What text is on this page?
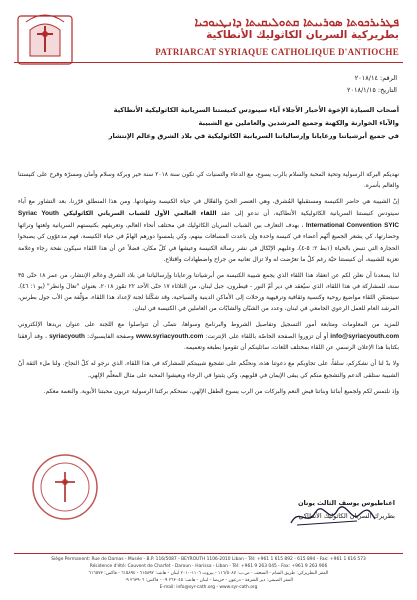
ܦܛܪܝܪܟܘܬܐ ܣܘܪܝܝܬܐ ܩܬܘܠܝܩܝܬܐ ܕܐܢܛܝܘܟܝܐ
بطريركية السريان الكاثوليك الأنطاكية
PATRIARCAT SYRIAQUE CATHOLIQUE D'ANTIOCHE
الرقم: ٢٠١٨/١٤
التاريخ: ٢٠١٨/١/١٥
أصحاب السيادة الإخوة الأحبار الأجلاء آباء سينودس كنيستنا السريانية الكاثوليكية الأنطاكية
والآباء الخوارنة والكهنة وجميع المرشدين والعاملين مع الشبيبة
في جميع أبرشياتنا ورعايانا وإرسالياتنا السريانية الكاثوليكية في بلاد الشرق وعالم الإنتشار

نهديكم البركة الرسولية وتحية المحبة والسلام بالرب يسوع، مع الدعاء والتمنيات كي تكون سنة ٢٠١٨ سنة خير وبركة وسلام وأمان ومسرّة وفرح على كنيستنا والعالم بأسره.

إنّ الشبيبة هي حاضر الكنيسة ومستقبلها المُشرق، وهي العنصر الحيّ والفعّال في حياة الكنيسة وشهادتها. ومن هذا المنطلق قرّرنا، بعد التشاور مع آباء سينودس كنيستنا السريانية الكاثوليكية الأنطاكية، أن ندعو إلى عقد اللقاء العالمي الأول للشباب السرياني الكاثوليكي Syriac Youth International Convention SYIC ، بهدف التعارف بين الشباب السريان الكاثوليك في مختلف أنحاء العالم، وتعريفهم بكنيستهم السريانية ولغتها وتراثها وحضارتها، كي يشعر الجميع أنّهم أعضاء في كنيسة واحدة وإن باعدت المسافات بينهم، وكي يلمسوا دورهم الهامّ في حياة الكنيسة، فهم مدعوّون كي يصبحوا الحجارة التي تنبض بالحياة (١بط ٢: ٥-٤)، وعليهم الإتّكال في نشر رسالة الكنيسة وعيشها في كلّ مكان، فضلاً عن أن هذا اللقاء سيكون نفحة رجاء وعلامة تعزية للشبيبة، أن كنيستنا حيّة رغم كلّ ما تعرّضت له ولا تزال تعانيه من جراح واضطهادات واقتلاع.

لذا يسعدنا أن نعلن لكم عن انعقاد هذا اللقاء الذي يجمع شبيبة الكنيسة من أبرشياتنا ورعايانا وإرسالياتنا في بلاد الشرق وعالم الإنتشار، من عمر ١٨ حتّى ٣٥ سنة، للمشاركة في هذا اللقاء، الذي سيُعقد في دير أمّ النور - فيطرون، جبل لبنان، من الثلاثاء ١٧ حتّى الأحد ٢٢ تمّوز ٢٠١٨، بعنوان "تعالَ وانظر" (يو ١: ٤٦). سيتضمّن اللقاء مواضيع روحية وكنسية وثقافية وترفيهية ورحلات إلى الأماكن الدينية والسياحية، وقد شكّلنا لجنة لإعداد هذا اللقاء، مؤلّفة من الأب جول بطرس، المرشد العام للعمل الرعوي الجامعي في لبنان، وعدد من الشبّان والشابّات من العاملين في الكنيسة في لبنان.

للمزيد من المعلومات ومتابعة أمور التسجيل وتفاصيل الشروط والبرنامج وسواها، نتمنّى أن تتواصلوا مع اللجنة على عنوان بريدها الإلكتروني info@syriacyouth.com أو أن تزوروا الصفحة الخاصّة باللقاء على الإنترنت: www.syriacyouth.com وصفحة الفايسبوك: syriacyouth ، وقد أرفقنا بكتابنا هذا الإعلان الرسمي عن اللقاء بمختلف اللغات، سائلينكم أن تقوموا بطبعه وتعميمه.

ولا بدّ لنا أن نشكركم، سلفاً، على تجاوبكم مع دعوتنا هذه، ونحثّكم على تشجيع شبيبتكم للمشاركة في هذا اللقاء، الذي نرجو له كلّ النجاح. ولنا ملء الثقة أنّ الشبيبة ستلقى الدعم والتشجيع منكم كي يبقى الإيمان في قلوبهم، وكي يثبتوا في الرجاء ويعيشوا المحبة على مثال المعلّم الإلهي.

وإذ نلتمس لكم ولجميع أبنائنا وبناتنا فيض النعم والبركات من الرب يسوع الطفل الإلهي، نمنحكم بركتنا الرسولية عربون محبتنا الأبوية. والنعمة معكم.

اغناطيوس يوسف الثالث يونان
بطريرك السريان الكاثوليك الأنطاكي
Siège Permanent: Rue de Damas - Musée - B.P. 116/5087 - BEYROUTH 1106-2010 Liban - Tél: +961 1 615 892 - 615 894 - Fax: +961 1 616 573
Résidence d'été: Couvent de Charfet - Daroun - Harissa - Liban - Tél: +961 9 263 045 - Fax: +961 9 263 906
المقر البطريركي: طريق الشام - المتحف - ص.ب: ١١٦/٥٠٨٧ - بيروت ١١٠٦-٢٠١٠ لبنان - هاتف: ٦١٥٨٩٢ - ٦١٥٨٩٤ - فاكس: ٦١٦٥٧٣
المقر الصيفي: دير الشرفة - درعون - حريصا - لبنان - هاتف: ٢٦٣٠٤٥ ٠٩ - فاكس: ٢٦٣٩٠٦ ٠٩
E-mail: info@syr-cath.org - www.syr-cath.org
